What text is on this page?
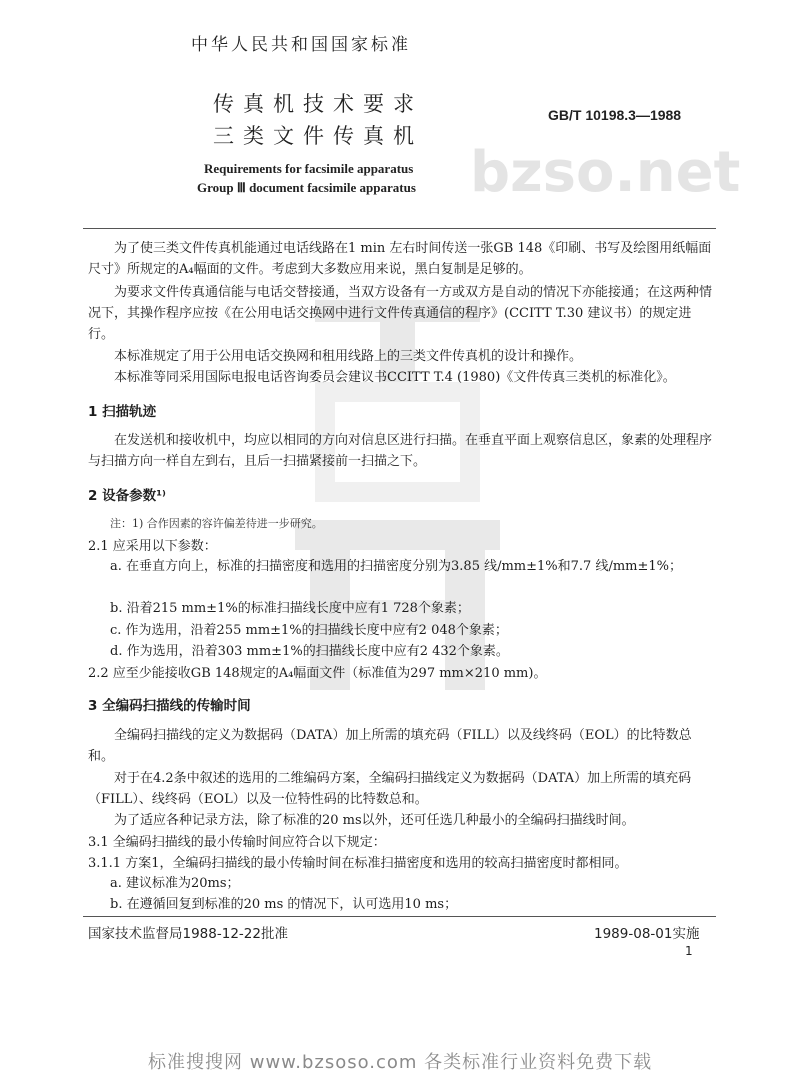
bzso.net
中华人民共和国国家标准
传真机技术要求
三类文件传真机
GB/T 10198.3—1988
Requirements for facsimile apparatus
Group Ⅲ document facsimile apparatus
为了使三类文件传真机能通过电话线路在1 min 左右时间传送一张GB 148《印刷、书写及绘图用纸幅面尺寸》所规定的A₄幅面的文件。考虑到大多数应用来说，黑白复制是足够的。
为要求文件传真通信能与电话交替接通，当双方设备有一方或双方是自动的情况下亦能接通；在这两种情况下，其操作程序应按《在公用电话交换网中进行文件传真通信的程序》(CCITT T.30 建议书）的规定进行。
本标准规定了用于公用电话交换网和租用线路上的三类文件传真机的设计和操作。
本标准等同采用国际电报电话咨询委员会建议书CCITT T.4 (1980)《文件传真三类机的标准化》。
1 扫描轨迹
在发送机和接收机中，均应以相同的方向对信息区进行扫描。在垂直平面上观察信息区，象素的处理程序与扫描方向一样自左到右，且后一扫描紧接前一扫描之下。
2 设备参数¹⁾
注：1) 合作因素的容许偏差待进一步研究。
2.1 应采用以下参数：
a. 在垂直方向上，标准的扫描密度和选用的扫描密度分别为3.85 线/mm±1%和7.7 线/mm±1%；
b. 沿着215 mm±1%的标准扫描线长度中应有1 728个象素；
c. 作为选用，沿着255 mm±1%的扫描线长度中应有2 048个象素；
d. 作为选用，沿着303 mm±1%的扫描线长度中应有2 432个象素。
2.2 应至少能接收GB 148规定的A₄幅面文件（标准值为297 mm×210 mm)。
3 全编码扫描线的传输时间
全编码扫描线的定义为数据码（DATA）加上所需的填充码（FILL）以及线终码（EOL）的比特数总和。
对于在4.2条中叙述的选用的二维编码方案，全编码扫描线定义为数据码（DATA）加上所需的填充码（FILL）、线终码（EOL）以及一位特性码的比特数总和。
为了适应各种记录方法，除了标准的20 ms以外，还可任选几种最小的全编码扫描线时间。
3.1 全编码扫描线的最小传输时间应符合以下规定：
3.1.1 方案1，全编码扫描线的最小传输时间在标准扫描密度和选用的较高扫描密度时都相同。
a. 建议标准为20ms；
b. 在遵循回复到标准的20 ms 的情况下，认可选用10 ms；
国家技术监督局1988-12-22批准	1989-08-01实施
1
标准搜搜网 www.bzsoso.com 各类标准行业资料免费下载
